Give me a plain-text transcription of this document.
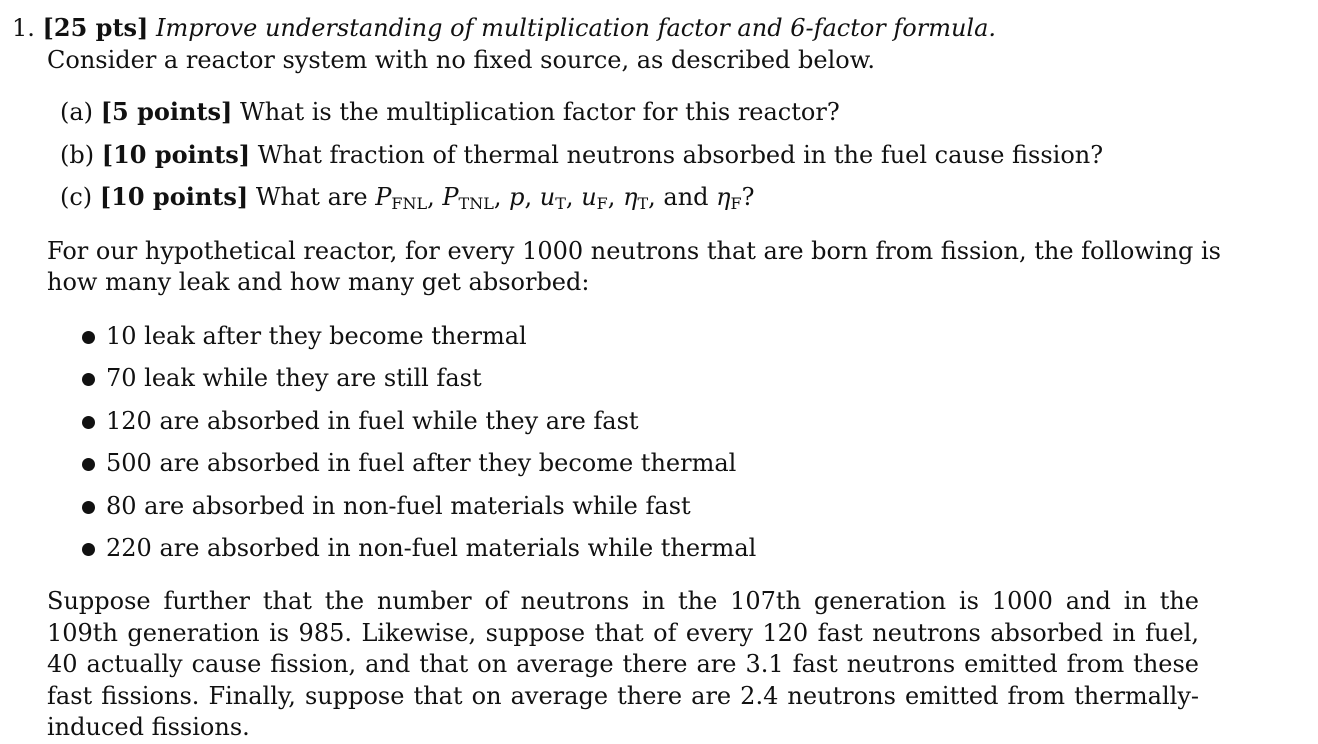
1. [25 pts] Improve understanding of multiplication factor and 6-factor formula.
Consider a reactor system with no fixed source, as described below.
(a) [5 points] What is the multiplication factor for this reactor?
(b) [10 points] What fraction of thermal neutrons absorbed in the fuel cause fission?
(c) [10 points] What are $P_{FNL}$, $P_{TNL}$, p, $u_T$, $u_F$, $\eta_T$, and $\eta_F$?
For our hypothetical reactor, for every 1000 neutrons that are born from fission, the following is how many leak and how many get absorbed:
10 leak after they become thermal
70 leak while they are still fast
120 are absorbed in fuel while they are fast
500 are absorbed in fuel after they become thermal
80 are absorbed in non-fuel materials while fast
220 are absorbed in non-fuel materials while thermal
Suppose further that the number of neutrons in the 107th generation is 1000 and in the 109th generation is 985. Likewise, suppose that of every 120 fast neutrons absorbed in fuel, 40 actually cause fission, and that on average there are 3.1 fast neutrons emitted from these fast fissions. Finally, suppose that on average there are 2.4 neutrons emitted from thermally-induced fissions.
